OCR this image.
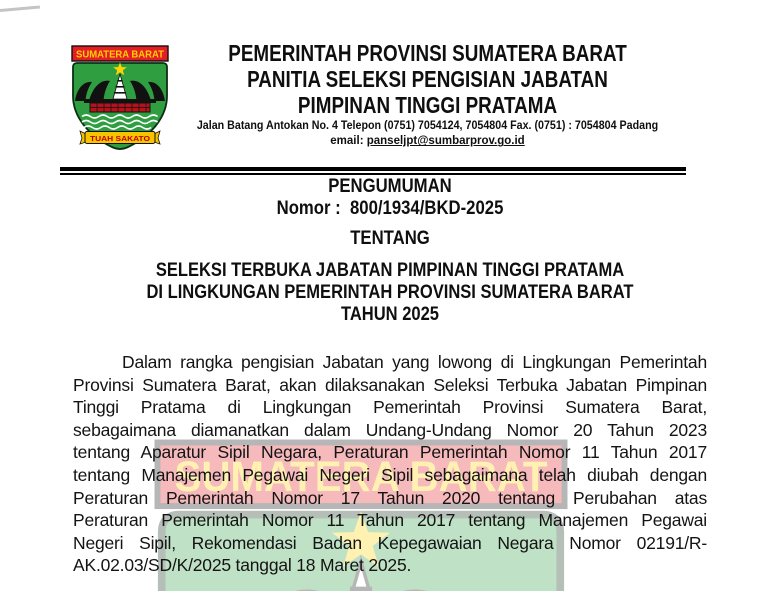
PEMERINTAH PROVINSI SUMATERA BARAT
PANITIA SELEKSI PENGISIAN JABATAN
PIMPINAN TINGGI PRATAMA
Jalan Batang Antokan No. 4 Telepon (0751) 7054124, 7054804 Fax. (0751) : 7054804 Padang
email: panseljpt@sumbarprov.go.id
PENGUMUMAN
Nomor :  800/1934/BKD-2025
TENTANG
SELEKSI TERBUKA JABATAN PIMPINAN TINGGI PRATAMA
DI LINGKUNGAN PEMERINTAH PROVINSI SUMATERA BARAT
TAHUN 2025
Dalam rangka pengisian Jabatan yang lowong di Lingkungan Pemerintah
Provinsi Sumatera Barat, akan dilaksanakan Seleksi Terbuka Jabatan Pimpinan
Tinggi Pratama di Lingkungan Pemerintah Provinsi Sumatera Barat,
sebagaimana diamanatkan dalam Undang-Undang Nomor 20 Tahun 2023
tentang Aparatur Sipil Negara, Peraturan Pemerintah Nomor 11 Tahun 2017
tentang Manajemen Pegawai Negeri Sipil sebagaimana telah diubah dengan
Peraturan Pemerintah Nomor 17 Tahun 2020 tentang Perubahan atas
Peraturan Pemerintah Nomor 11 Tahun 2017 tentang Manajemen Pegawai
Negeri Sipil, Rekomendasi Badan Kepegawaian Negara Nomor 02191/R-
AK.02.03/SD/K/2025 tanggal 18 Maret 2025.
